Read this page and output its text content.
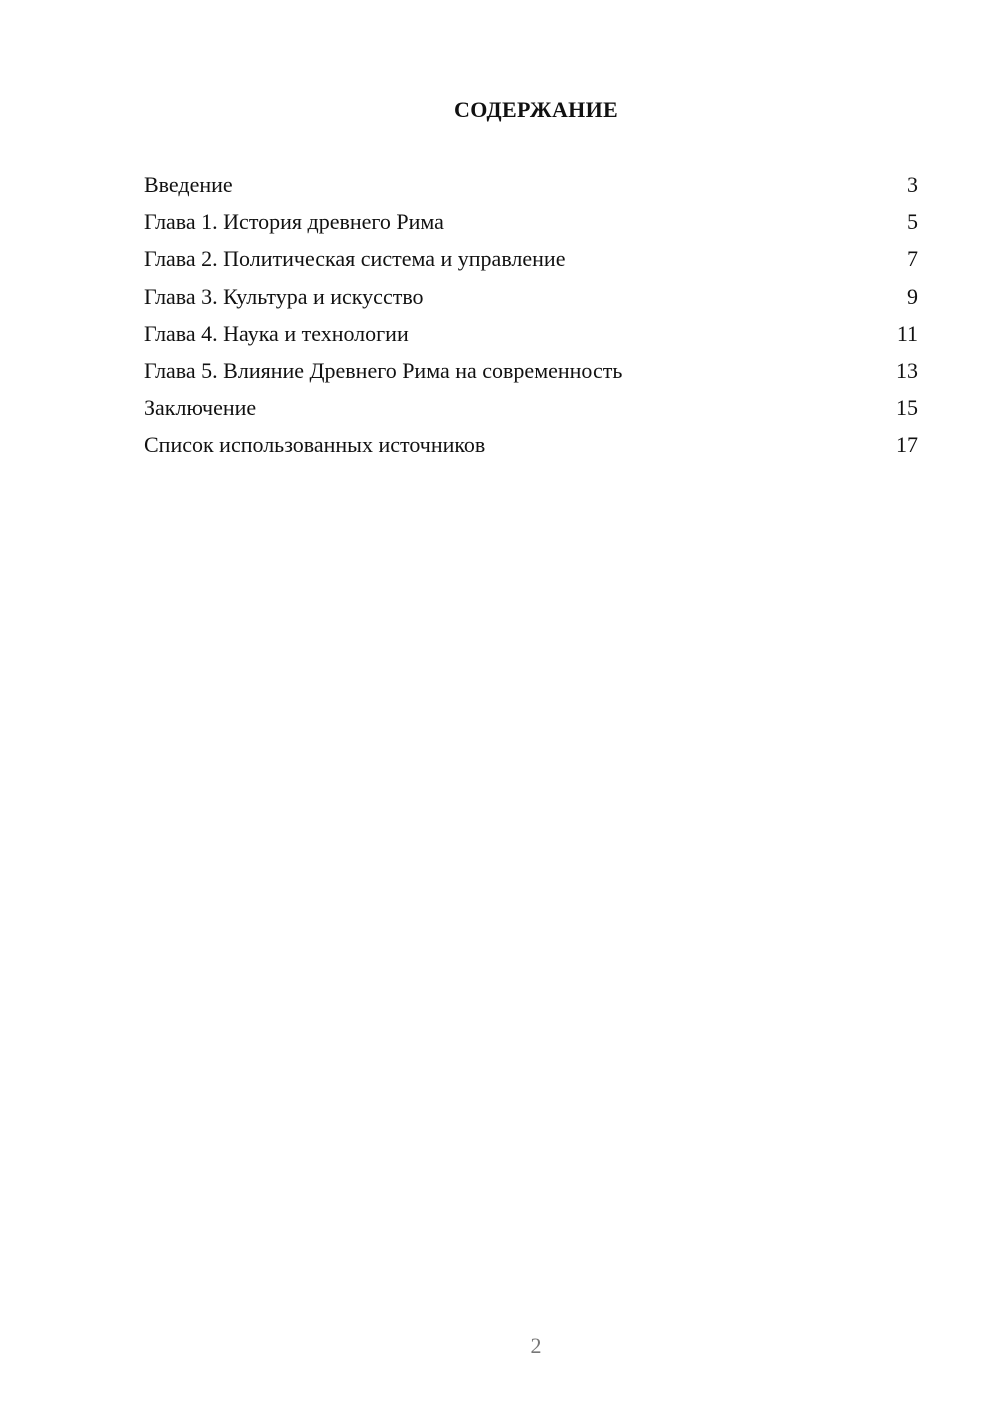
СОДЕРЖАНИЕ
Введение	3
Глава 1. История древнего Рима	5
Глава 2. Политическая система и управление	7
Глава 3. Культура и искусство	9
Глава 4. Наука и технологии	11
Глава 5. Влияние Древнего Рима на современность	13
Заключение	15
Список использованных источников	17
2
